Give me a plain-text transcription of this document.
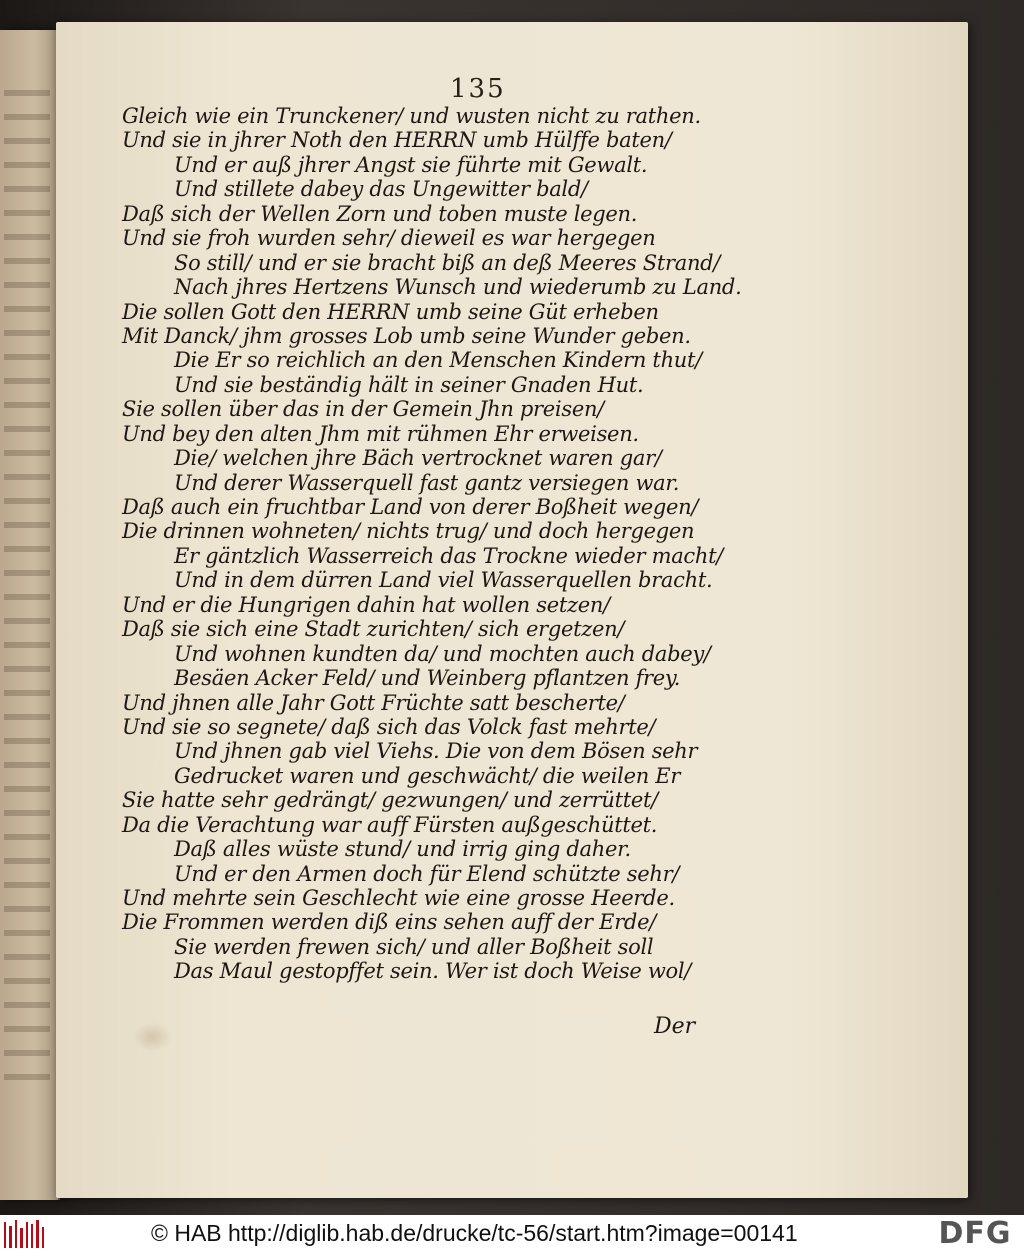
135
Gleich wie ein Trunckener/ und wusten nicht zu rathen.
Und sie in jhrer Noth den HERRN umb Hülffe baten/
Und er auß jhrer Angst sie führte mit Gewalt.
Und stillete dabey das Ungewitter bald/
Daß sich der Wellen Zorn und toben muste legen.
Und sie froh wurden sehr/ dieweil es war hergegen
So still/ und er sie bracht biß an deß Meeres Strand/
Nach jhres Hertzens Wunsch und wiederumb zu Land.
Die sollen Gott den HERRN umb seine Güt erheben
Mit Danck/ jhm grosses Lob umb seine Wunder geben.
Die Er so reichlich an den Menschen Kindern thut/
Und sie beständig hält in seiner Gnaden Hut.
Sie sollen über das in der Gemein Jhn preisen/
Und bey den alten Jhm mit rühmen Ehr erweisen.
Die/ welchen jhre Bäch vertrocknet waren gar/
Und derer Wasserquell fast gantz versiegen war.
Daß auch ein fruchtbar Land von derer Boßheit wegen/
Die drinnen wohneten/ nichts trug/ und doch hergegen
Er gäntzlich Wasserreich das Trockne wieder macht/
Und in dem dürren Land viel Wasserquellen bracht.
Und er die Hungrigen dahin hat wollen setzen/
Daß sie sich eine Stadt zurichten/ sich ergetzen/
Und wohnen kundten da/ und mochten auch dabey/
Besäen Acker Feld/ und Weinberg pflantzen frey.
Und jhnen alle Jahr Gott Früchte satt bescherte/
Und sie so segnete/ daß sich das Volck fast mehrte/
Und jhnen gab viel Viehs. Die von dem Bösen sehr
Gedrucket waren und geschwächt/ die weilen Er
Sie hatte sehr gedrängt/ gezwungen/ und zerrüttet/
Da die Verachtung war auff Fürsten außgeschüttet.
Daß alles wüste stund/ und irrig ging daher.
Und er den Armen doch für Elend schützte sehr/
Und mehrte sein Geschlecht wie eine grosse Heerde.
Die Frommen werden diß eins sehen auff der Erde/
Sie werden frewen sich/ und aller Boßheit soll
Das Maul gestopffet sein. Wer ist doch Weise wol/
Der
© HAB http://diglib.hab.de/drucke/tc-56/start.htm?image=00141	DFG
